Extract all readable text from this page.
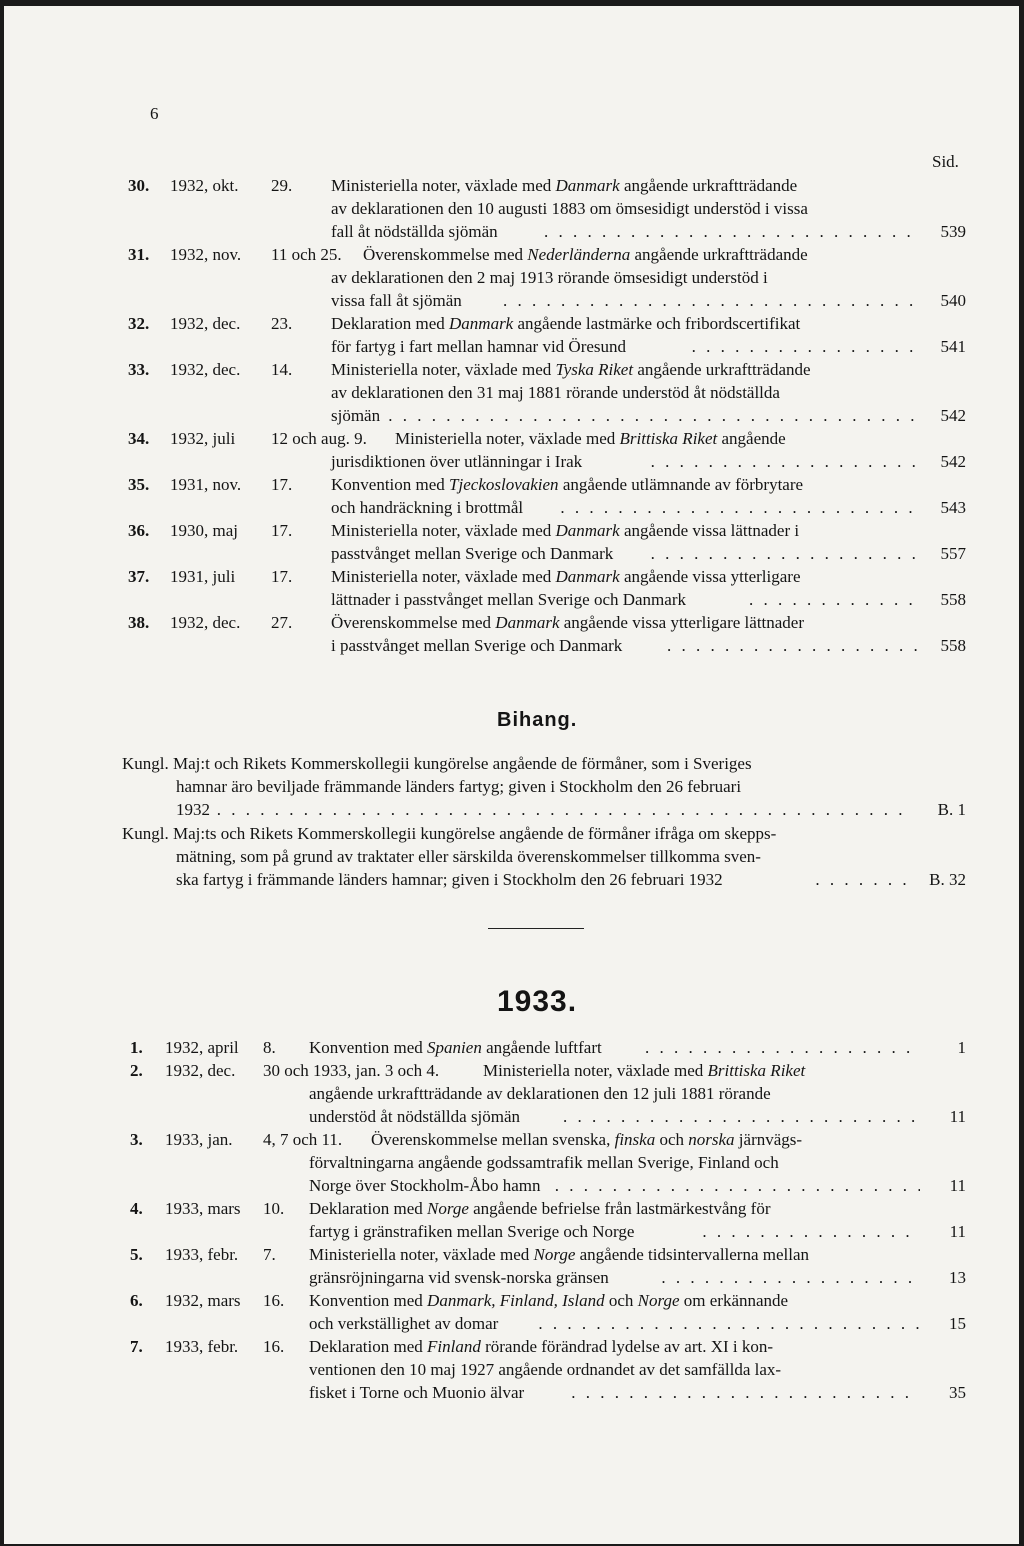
6
Sid.
30. 1932, okt. 29. Ministeriella noter, växlade med Danmark angående urkraftträdande
av deklarationen den 10 augusti 1883 om ömsesidigt understöd i vissa
fall åt nödställda sjömän . . .	539
31. 1932, nov. 11 och 25. Överenskommelse med Nederländerna angående urkraftträdande
av deklarationen den 2 maj 1913 rörande ömsesidigt understöd i
vissa fall åt sjömän . . .	540
32. 1932, dec. 23. Deklaration med Danmark angående lastmärke och fribordscertifikat
för fartyg i fart mellan hamnar vid Öresund . . .	541
33. 1932, dec. 14. Ministeriella noter, växlade med Tyska Riket angående urkraftträdande
av deklarationen den 31 maj 1881 rörande understöd åt nödställda
sjömän . . .	542
34. 1932, juli 12 och aug. 9. Ministeriella noter, växlade med Brittiska Riket angående
jurisdiktionen över utlänningar i Irak . . .	542
35. 1931, nov. 17. Konvention med Tjeckoslovakien angående utlämnande av förbrytare
och handräckning i brottmål . . .	543
36. 1930, maj 17. Ministeriella noter, växlade med Danmark angående vissa lättnader i
passtvånget mellan Sverige och Danmark . . .	557
37. 1931, juli 17. Ministeriella noter, växlade med Danmark angående vissa ytterligare
lättnader i passtvånget mellan Sverige och Danmark . . .	558
38. 1932, dec. 27. Överenskommelse med Danmark angående vissa ytterligare lättnader
i passtvånget mellan Sverige och Danmark . . .	558
Bihang.
Kungl. Maj:t och Rikets Kommerskollegii kungörelse angående de förmåner, som i Sveriges
hamnar äro beviljade främmande länders fartyg; given i Stockholm den 26 februari
1932 . . .	B. 1
Kungl. Maj:ts och Rikets Kommerskollegii kungörelse angående de förmåner ifråga om skepps-
mätning, som på grund av traktater eller särskilda överenskommelser tillkomma sven-
ska fartyg i främmande länders hamnar; given i Stockholm den 26 februari 1932 . . .	B. 32
1933.
1. 1932, april 8. Konvention med Spanien angående luftfart . . .	1
2. 1932, dec. 30 och 1933, jan. 3 och 4.	Ministeriella noter, växlade med Brittiska Riket
angående urkraftträdande av deklarationen den 12 juli 1881 rörande
understöd åt nödställda sjömän . . .	11
3. 1933, jan. 4, 7 och 11. Överenskommelse mellan svenska, finska och norska järnvägs-
förvaltningarna angående godssamtrafik mellan Sverige, Finland och
Norge över Stockholm-Åbo hamn . . .	11
4. 1933, mars 10. Deklaration med Norge angående befrielse från lastmärkestvång för
fartyg i gränstrafiken mellan Sverige och Norge . . .	11
5. 1933, febr. 7. Ministeriella noter, växlade med Norge angående tidsintervallerna mellan
gränsröjningarna vid svensk-norska gränsen . . .	13
6. 1932, mars 16. Konvention med Danmark, Finland, Island och Norge om erkännande
och verkställighet av domar . . .	15
7. 1933, febr. 16. Deklaration med Finland rörande förändrad lydelse av art. XI i kon-
ventionen den 10 maj 1927 angående ordnandet av det samfällda lax-
fisket i Torne och Muonio älvar . . .	35
